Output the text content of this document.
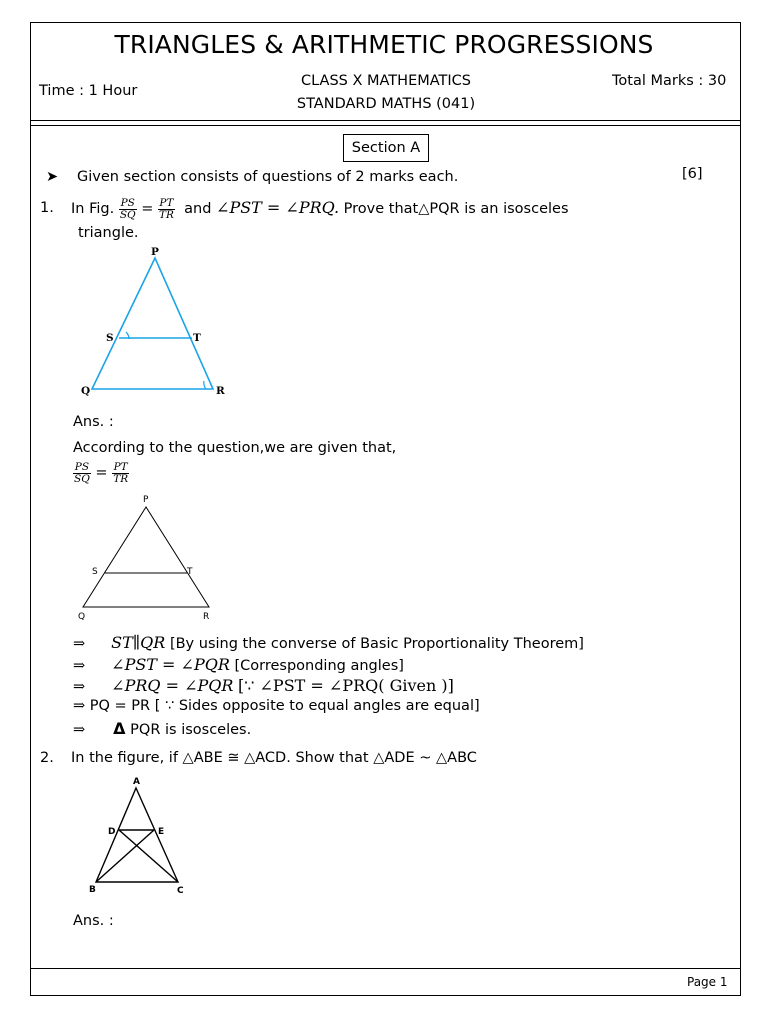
TRIANGLES & ARITHMETIC PROGRESSIONS
Time : 1 Hour
CLASS X MATHEMATICS
STANDARD MATHS (041)
Total Marks : 30
Section A
➤ Given section consists of questions of 2 marks each.	[6]
1. In Fig. $\frac{PS}{SQ} = \frac{PT}{TR}$ and ∠PST = ∠PRQ. Prove that△PQR is an isosceles
triangle.
P
S	T
Q	R
Ans. :
According to the question,we are given that,
$\frac{PS}{SQ} = \frac{PT}{TR}$
P
S	T
Q	R
⇒ ST∥QR [By using the converse of Basic Proportionality Theorem]
⇒ ∠PST = ∠PQR [Corresponding angles]
⇒ ∠PRQ = ∠PQR [∵ ∠PST = ∠PRQ( Given )]
⇒ PQ = PR [ ∵ Sides opposite to equal angles are equal]
⇒ Δ PQR is isosceles.
2. In the figure, if △ABE ≅ △ACD. Show that △ADE ~ △ABC
A
D	E
B	C
Ans. :
Page 1
